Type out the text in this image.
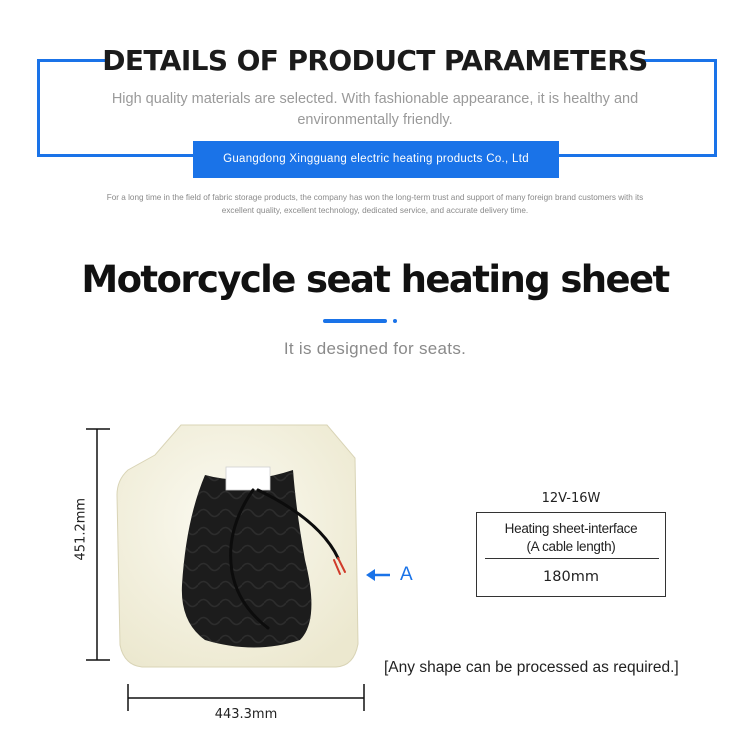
DETAILS OF PRODUCT PARAMETERS
High quality materials are selected. With fashionable appearance, it is healthy and environmentally friendly.
Guangdong Xingguang electric heating products Co., Ltd
For a long time in the field of fabric storage products, the company has won the long-term trust and support of many foreign brand customers with its excellent quality, excellent technology, dedicated service, and accurate delivery time.
Motorcycle seat heating sheet
It is designed for seats.
A
451.2mm
443.3mm
12V-16W
Heating sheet-interface
(A cable length)
180mm
[Any shape can be processed as required.]
